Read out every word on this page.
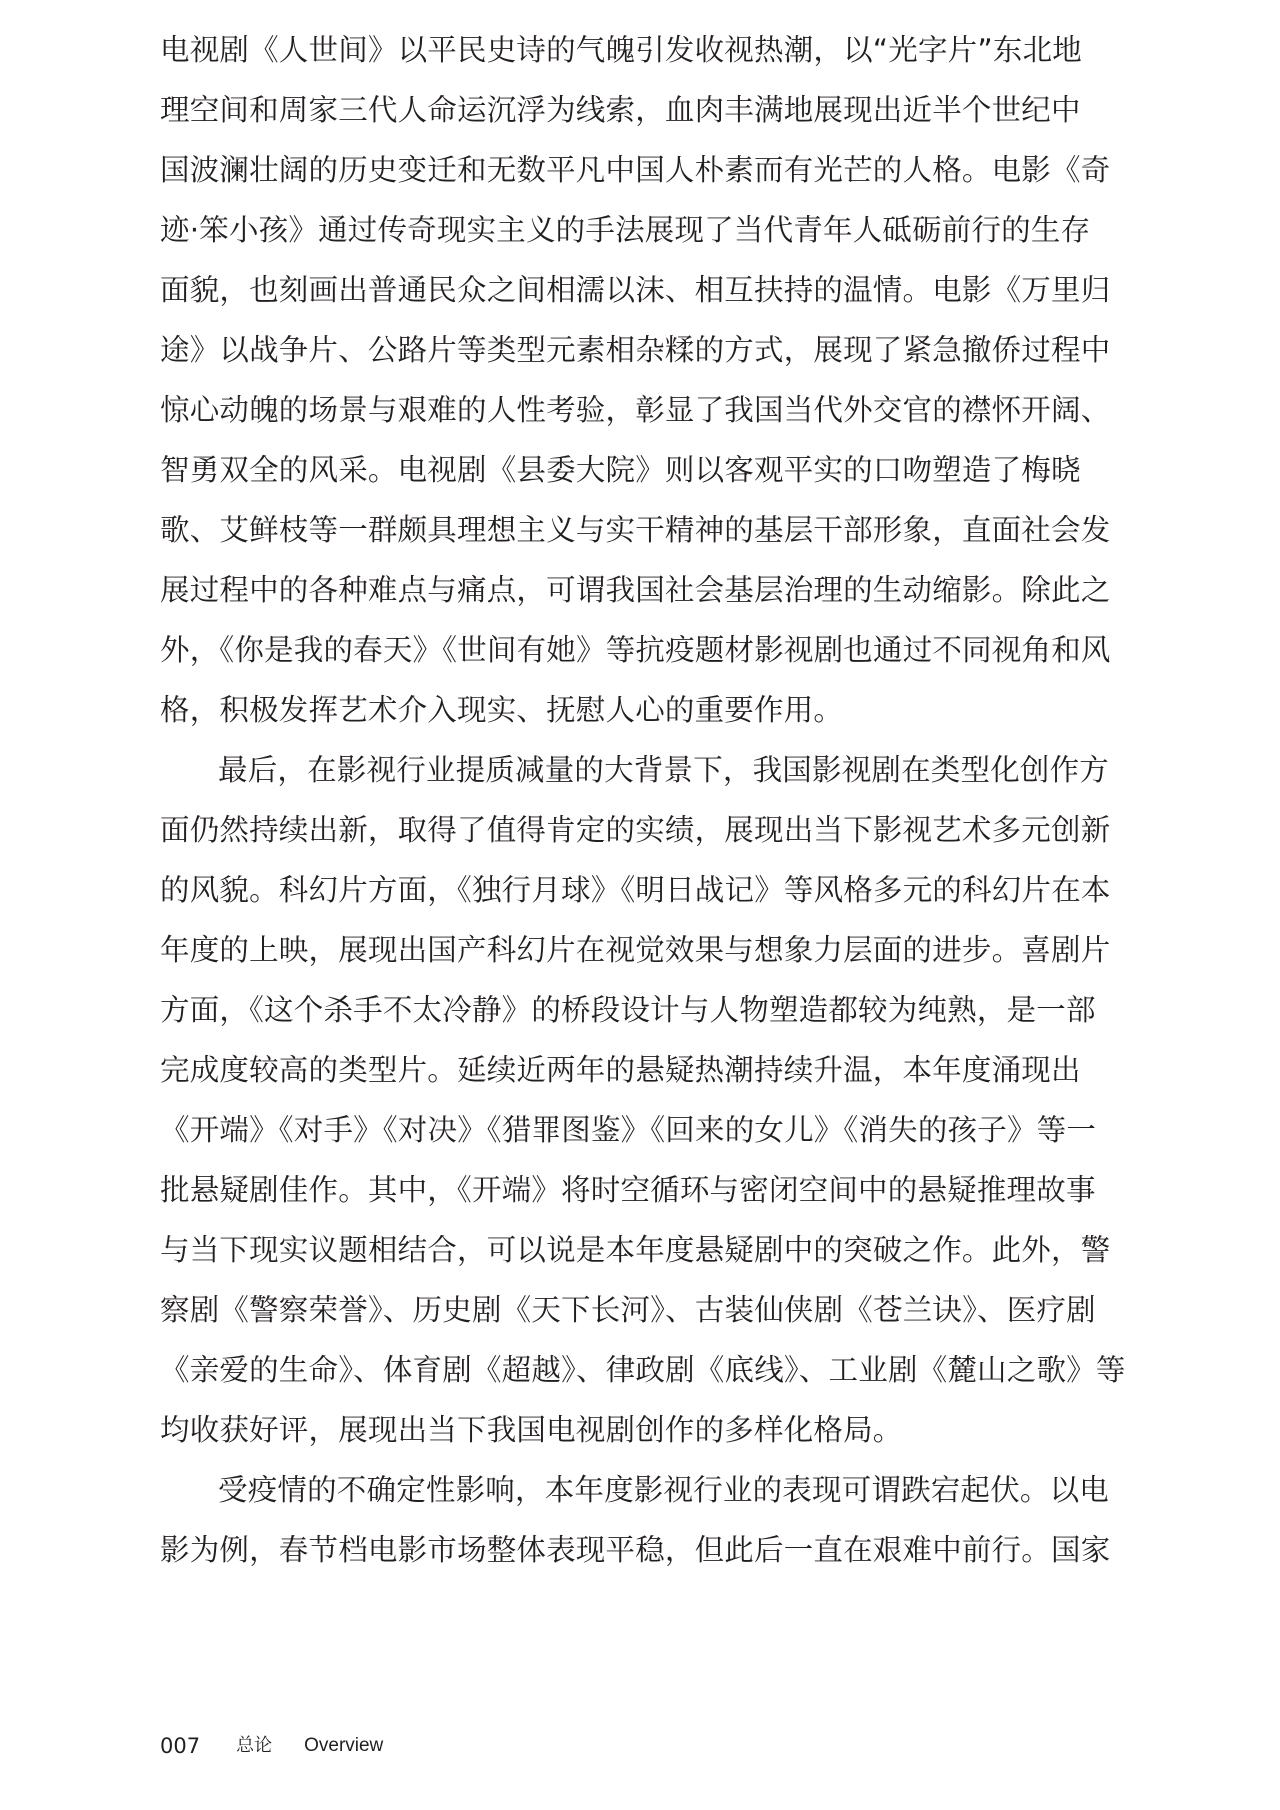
电视剧《人世间》以平民史诗的气魄引发收视热潮，以“光字片”东北地
理空间和周家三代人命运沉浮为线索，血肉丰满地展现出近半个世纪中
国波澜壮阔的历史变迁和无数平凡中国人朴素而有光芒的人格。电影《奇
迹·笨小孩》通过传奇现实主义的手法展现了当代青年人砥砺前行的生存
面貌，也刻画出普通民众之间相濡以沫、相互扶持的温情。电影《万里归
途》以战争片、公路片等类型元素相杂糅的方式，展现了紧急撤侨过程中
惊心动魄的场景与艰难的人性考验，彰显了我国当代外交官的襟怀开阔、
智勇双全的风采。电视剧《县委大院》则以客观平实的口吻塑造了梅晓
歌、艾鲜枝等一群颇具理想主义与实干精神的基层干部形象，直面社会发
展过程中的各种难点与痛点，可谓我国社会基层治理的生动缩影。除此之
外，《你是我的春天》《世间有她》等抗疫题材影视剧也通过不同视角和风
格，积极发挥艺术介入现实、抚慰人心的重要作用。
最后，在影视行业提质减量的大背景下，我国影视剧在类型化创作方
面仍然持续出新，取得了值得肯定的实绩，展现出当下影视艺术多元创新
的风貌。科幻片方面，《独行月球》《明日战记》等风格多元的科幻片在本
年度的上映，展现出国产科幻片在视觉效果与想象力层面的进步。喜剧片
方面，《这个杀手不太冷静》的桥段设计与人物塑造都较为纯熟，是一部
完成度较高的类型片。延续近两年的悬疑热潮持续升温，本年度涌现出
《开端》《对手》《对决》《猎罪图鉴》《回来的女儿》《消失的孩子》等一
批悬疑剧佳作。其中，《开端》将时空循环与密闭空间中的悬疑推理故事
与当下现实议题相结合，可以说是本年度悬疑剧中的突破之作。此外，警
察剧《警察荣誉》、历史剧《天下长河》、古装仙侠剧《苍兰诀》、医疗剧
《亲爱的生命》、体育剧《超越》、律政剧《底线》、工业剧《麓山之歌》等
均收获好评，展现出当下我国电视剧创作的多样化格局。
受疫情的不确定性影响，本年度影视行业的表现可谓跌宕起伏。以电
影为例，春节档电影市场整体表现平稳，但此后一直在艰难中前行。国家
007 总论 Overview
